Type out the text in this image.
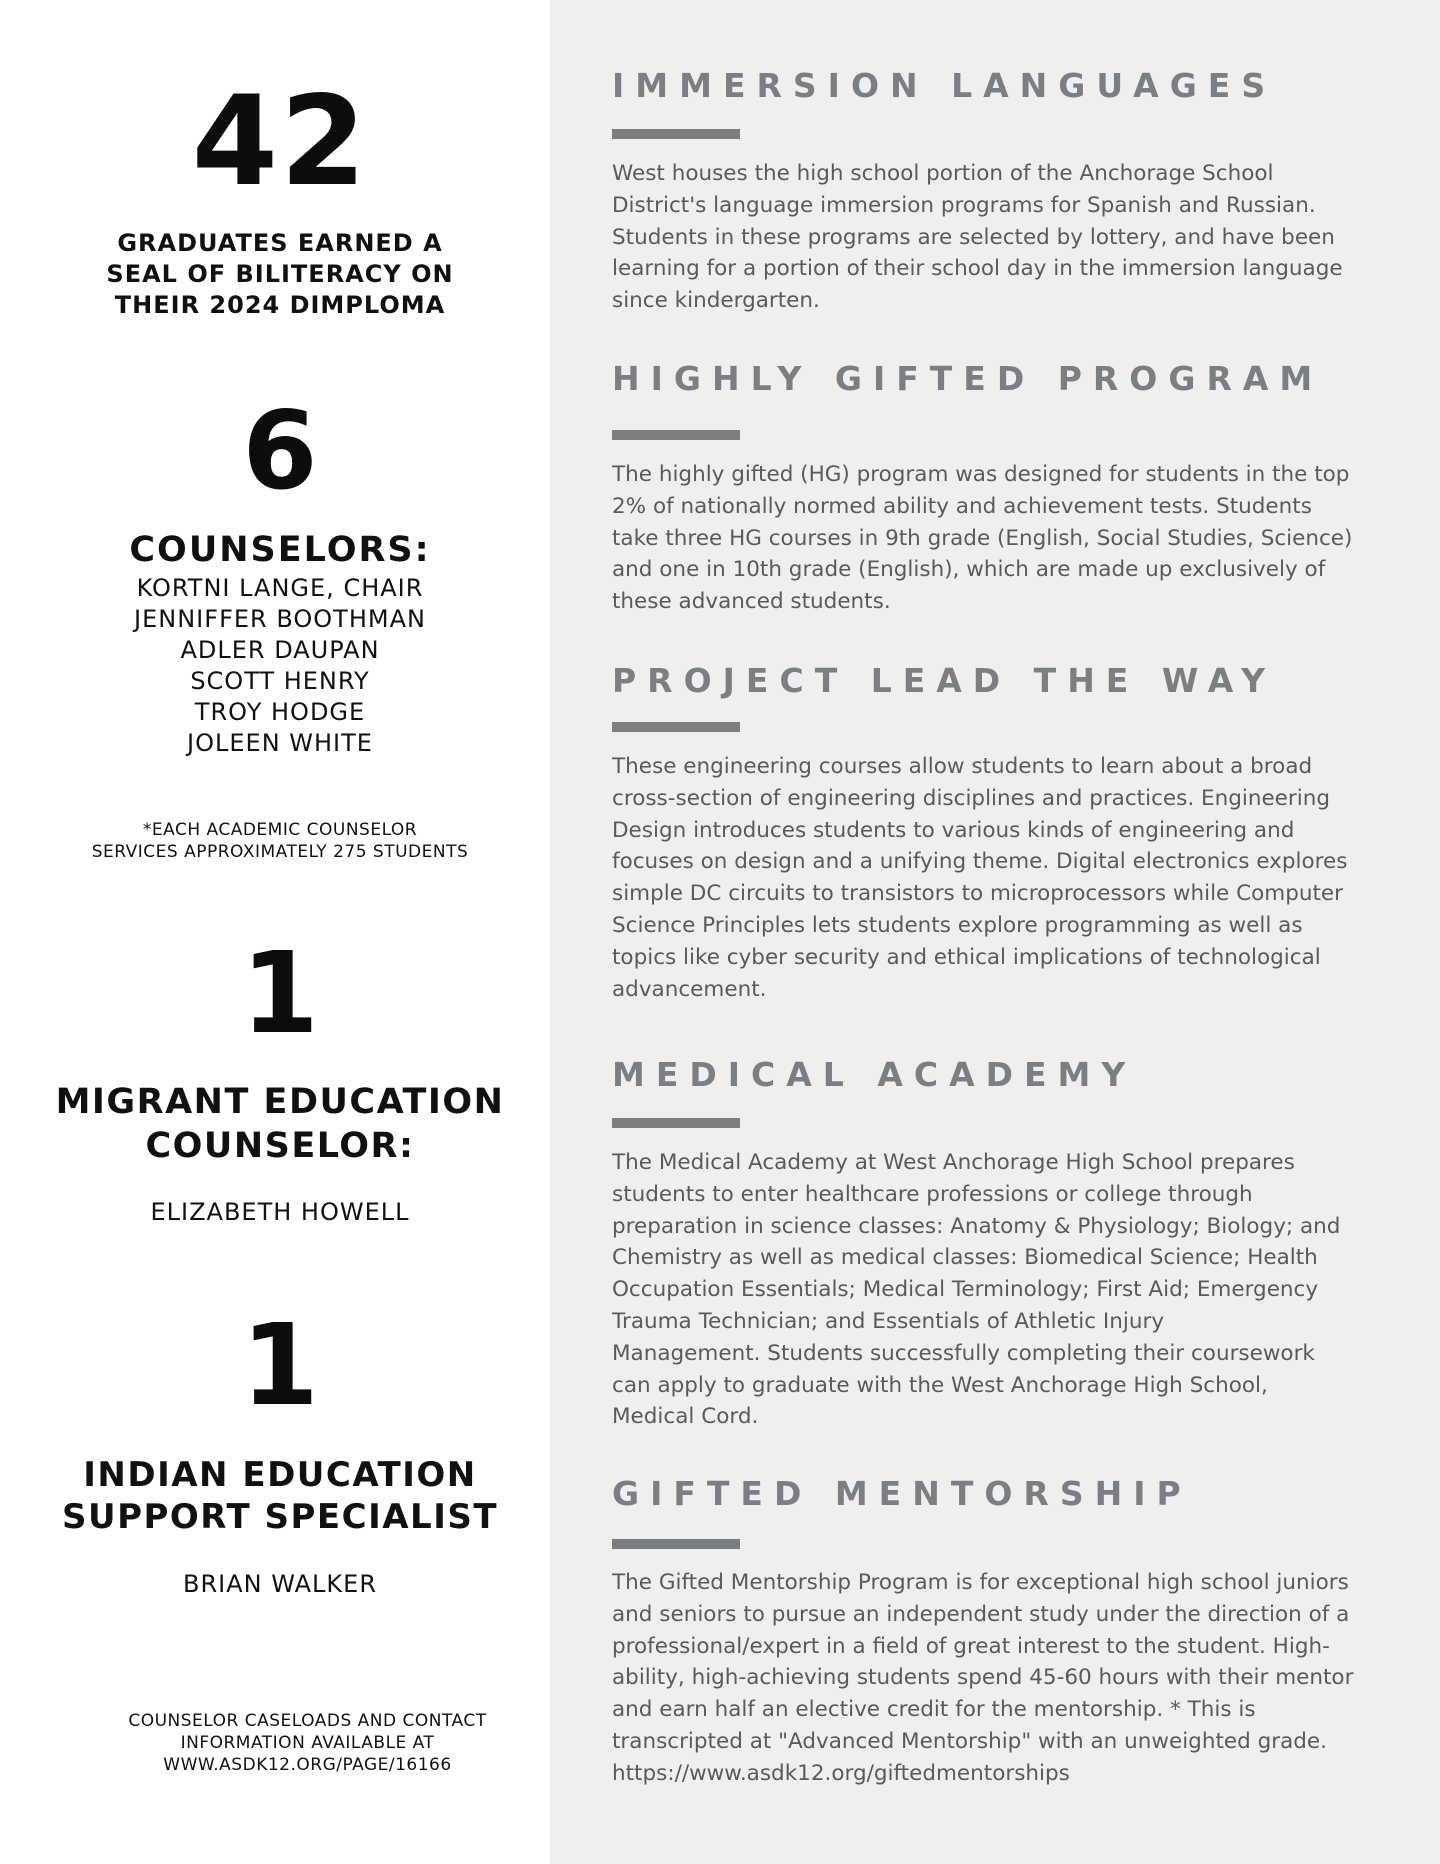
42
GRADUATES EARNED A
SEAL OF BILITERACY ON
THEIR 2024 DIMPLOMA
6
COUNSELORS:
KORTNI LANGE, CHAIR
JENNIFFER BOOTHMAN
ADLER DAUPAN
SCOTT HENRY
TROY HODGE
JOLEEN WHITE
*EACH ACADEMIC COUNSELOR
SERVICES APPROXIMATELY 275 STUDENTS
1
MIGRANT EDUCATION
COUNSELOR:
ELIZABETH HOWELL
1
INDIAN EDUCATION
SUPPORT SPECIALIST
BRIAN WALKER
COUNSELOR CASELOADS AND CONTACT
INFORMATION AVAILABLE AT
WWW.ASDK12.ORG/PAGE/16166
IMMERSION LANGUAGES
West houses the high school portion of the Anchorage School
District's language immersion programs for Spanish and Russian.
Students in these programs are selected by lottery, and have been
learning for a portion of their school day in the immersion language
since kindergarten.
HIGHLY GIFTED PROGRAM
The highly gifted (HG) program was designed for students in the top
2% of nationally normed ability and achievement tests. Students
take three HG courses in 9th grade (English, Social Studies, Science)
and one in 10th grade (English), which are made up exclusively of
these advanced students.
PROJECT LEAD THE WAY
These engineering courses allow students to learn about a broad
cross-section of engineering disciplines and practices. Engineering
Design introduces students to various kinds of engineering and
focuses on design and a unifying theme. Digital electronics explores
simple DC circuits to transistors to microprocessors while Computer
Science Principles lets students explore programming as well as
topics like cyber security and ethical implications of technological
advancement.
MEDICAL ACADEMY
The Medical Academy at West Anchorage High School prepares
students to enter healthcare professions or college through
preparation in science classes: Anatomy & Physiology; Biology; and
Chemistry as well as medical classes: Biomedical Science; Health
Occupation Essentials; Medical Terminology; First Aid; Emergency
Trauma Technician; and Essentials of Athletic Injury
Management. Students successfully completing their coursework
can apply to graduate with the West Anchorage High School,
Medical Cord.
GIFTED MENTORSHIP
The Gifted Mentorship Program is for exceptional high school juniors
and seniors to pursue an independent study under the direction of a
professional/expert in a field of great interest to the student. High-
ability, high-achieving students spend 45-60 hours with their mentor
and earn half an elective credit for the mentorship. * This is
transcripted at "Advanced Mentorship" with an unweighted grade.
https://www.asdk12.org/giftedmentorships
